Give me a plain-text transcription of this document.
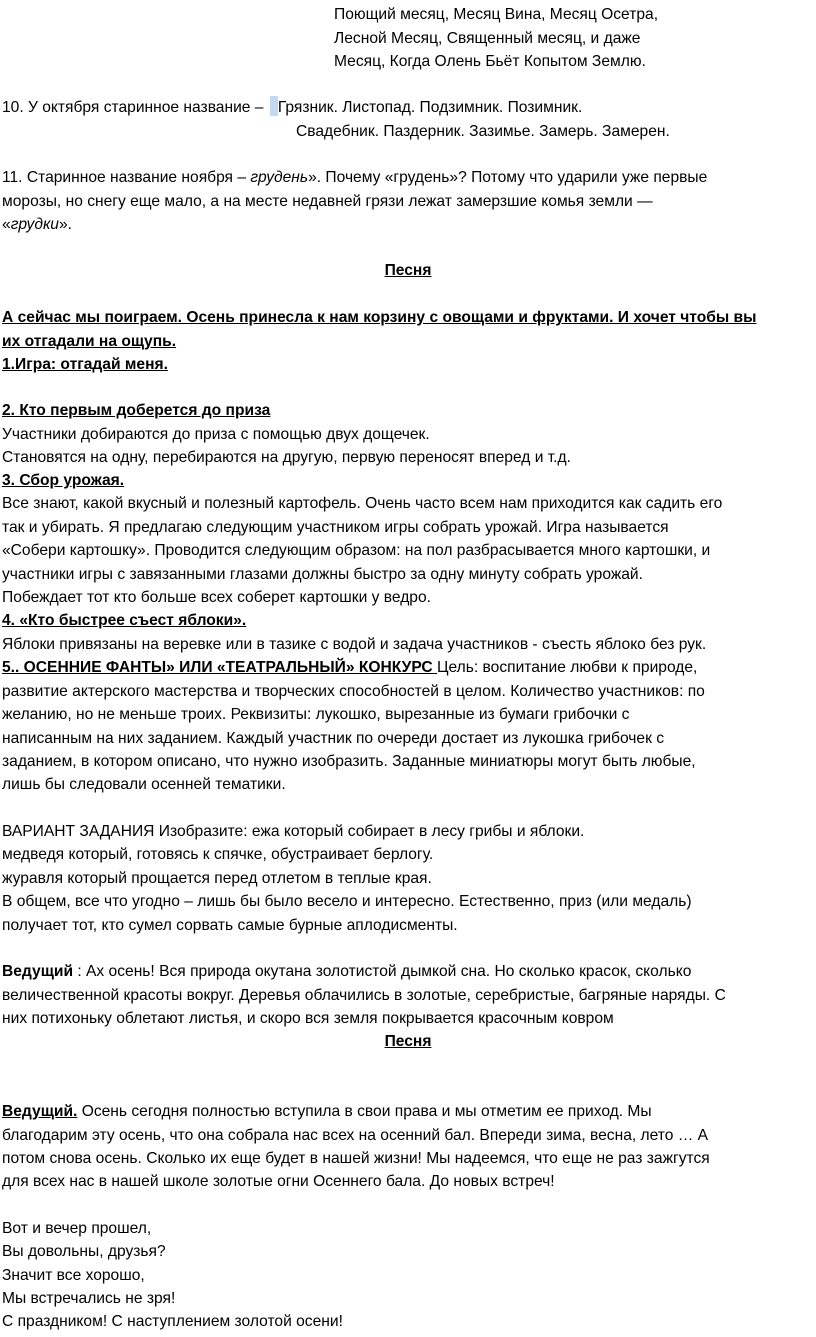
Поющий месяц, Месяц Вина, Месяц Осетра,
Лесной Месяц, Священный месяц, и даже
Месяц, Когда Олень Бьёт Копытом Землю.
10. У октября старинное название – Грязник. Листопад. Подзимник. Позимник.
Свадебник. Паздерник. Зазимье. Замерь. Замерен.
11. Старинное название ноября – грудень». Почему «грудень»? Потому что ударили уже первые
морозы, но снегу еще мало, а на месте недавней грязи лежат замерзшие комья земли —
«грудки».
Песня
А сейчас мы поиграем. Осень принесла к нам корзину с овощами и фруктами. И хочет чтобы вы
их отгадали на ощупь.
1.Игра: отгадай меня.
2. Кто первым доберется до приза
Участники добираются до приза с помощью двух дощечек.
Становятся на одну, перебираются на другую, первую переносят вперед и т.д.
3. Сбор урожая.
Все знают, какой вкусный и полезный картофель. Очень часто всем нам приходится как садить его
так и убирать. Я предлагаю следующим участником игры собрать урожай. Игра называется
«Собери картошку». Проводится следующим образом: на пол разбрасывается много картошки, и
участники игры с завязанными глазами должны быстро за одну минуту собрать урожай.
Побеждает тот кто больше всех соберет картошки у ведро.
4. «Кто быстрее съест яблоки».
Яблоки привязаны на веревке или в тазике с водой и задача участников - съесть яблоко без рук.
5.. ОСЕННИЕ ФАНТЫ» ИЛИ «ТЕАТРАЛЬНЫЙ» КОНКУРС Цель: воспитание любви к природе,
развитие актерского мастерства и творческих способностей в целом. Количество участников: по
желанию, но не меньше троих. Реквизиты: лукошко, вырезанные из бумаги грибочки с
написанным на них заданием. Каждый участник по очереди достает из лукошка грибочек с
заданием, в котором описано, что нужно изобразить. Заданные миниатюры могут быть любые,
лишь бы следовали осенней тематики.
ВАРИАНТ ЗАДАНИЯ Изобразите: ежа который собирает в лесу грибы и яблоки.
медведя который, готовясь к спячке, обустраивает берлогу.
журавля который прощается перед отлетом в теплые края.
В общем, все что угодно – лишь бы было весело и интересно. Естественно, приз (или медаль)
получает тот, кто сумел сорвать самые бурные аплодисменты.
Ведущий : Ах осень! Вся природа окутана золотистой дымкой сна. Но сколько красок, сколько
величественной красоты вокруг. Деревья облачились в золотые, серебристые, багряные наряды. С
них потихоньку облетают листья, и скоро вся земля покрывается красочным ковром
Песня
Ведущий. Осень сегодня полностью вступила в свои права и мы отметим ее приход. Мы
благодарим эту осень, что она собрала нас всех на осенний бал. Впереди зима, весна, лето … А
потом снова осень. Сколько их еще будет в нашей жизни! Мы надеемся, что еще не раз зажгутся
для всех нас в нашей школе золотые огни Осеннего бала. До новых встреч!
Вот и вечер прошел,
Вы довольны, друзья?
Значит все хорошо,
Мы встречались не зря!
С праздником! С наступлением золотой осени!
